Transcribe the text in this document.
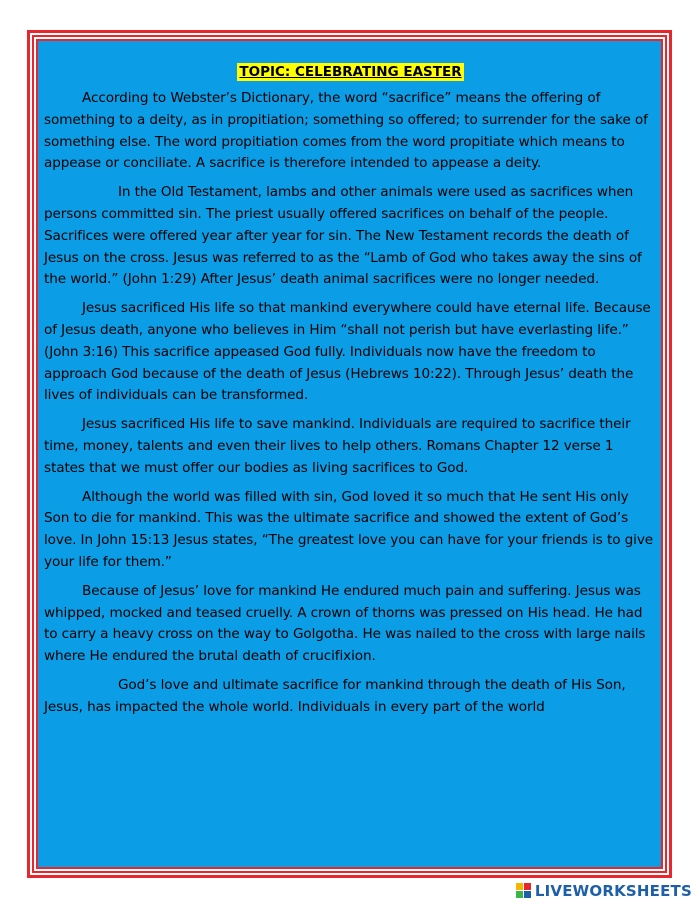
TOPIC: CELEBRATING EASTER

According to Webster’s Dictionary, the word “sacrifice” means the offering of something to a deity, as in propitiation; something so offered; to surrender for the sake of something else. The word propitiation comes from the word propitiate which means to appease or conciliate. A sacrifice is therefore intended to appease a deity.

In the Old Testament, lambs and other animals were used as sacrifices when persons committed sin. The priest usually offered sacrifices on behalf of the people. Sacrifices were offered year after year for sin. The New Testament records the death of Jesus on the cross. Jesus was referred to as the “Lamb of God who takes away the sins of the world.” (John 1:29) After Jesus’ death animal sacrifices were no longer needed.

Jesus sacrificed His life so that mankind everywhere could have eternal life. Because of Jesus death, anyone who believes in Him “shall not perish but have everlasting life.” (John 3:16) This sacrifice appeased God fully. Individuals now have the freedom to approach God because of the death of Jesus (Hebrews 10:22). Through Jesus’ death the lives of individuals can be transformed.

Jesus sacrificed His life to save mankind. Individuals are required to sacrifice their time, money, talents and even their lives to help others. Romans Chapter 12 verse 1 states that we must offer our bodies as living sacrifices to God.

Although the world was filled with sin, God loved it so much that He sent His only Son to die for mankind. This was the ultimate sacrifice and showed the extent of God’s love. In John 15:13 Jesus states, “The greatest love you can have for your friends is to give your life for them.”

Because of Jesus’ love for mankind He endured much pain and suffering. Jesus was whipped, mocked and teased cruelly. A crown of thorns was pressed on His head. He had to carry a heavy cross on the way to Golgotha. He was nailed to the cross with large nails where He endured the brutal death of crucifixion.

God’s love and ultimate sacrifice for mankind through the death of His Son, Jesus, has impacted the whole world. Individuals in every part of the world

LIVEWORKSHEETS
